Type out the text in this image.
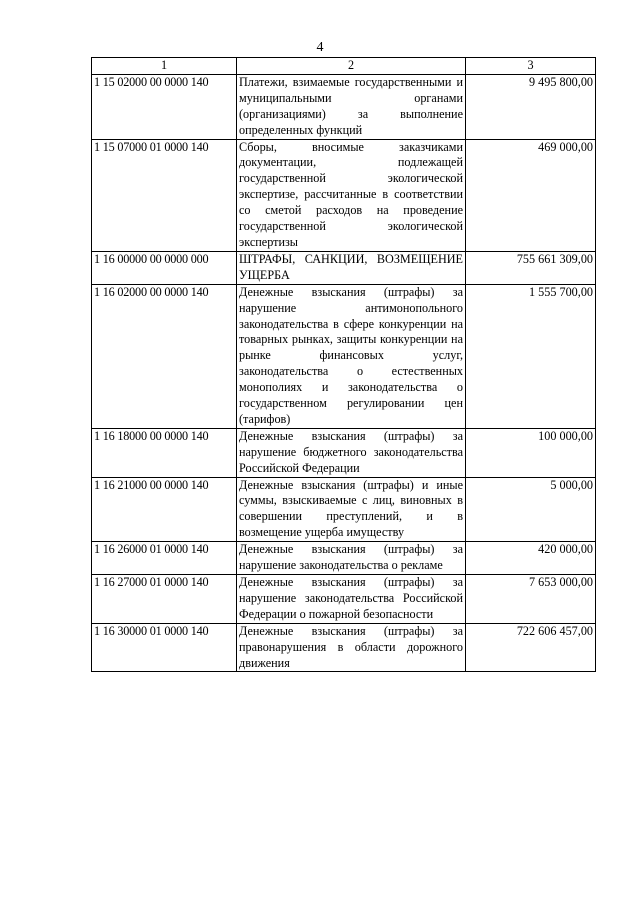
4
1	2	3
1 15 02000 00 0000 140	Платежи, взимаемые государственными и муниципальными органами (организациями) за выполнение определенных функций	9 495 800,00
1 15 07000 01 0000 140	Сборы, вносимые заказчиками документации, подлежащей государственной экологической экспертизе, рассчитанные в соответствии со сметой расходов на проведение государственной экологической экспертизы	469 000,00
1 16 00000 00 0000 000	ШТРАФЫ, САНКЦИИ, ВОЗМЕЩЕНИЕ УЩЕРБА	755 661 309,00
1 16 02000 00 0000 140	Денежные взыскания (штрафы) за нарушение антимонопольного законодательства в сфере конкуренции на товарных рынках, защиты конкуренции на рынке финансовых услуг, законодательства о естественных монополиях и законодательства о государственном регулировании цен (тарифов)	1 555 700,00
1 16 18000 00 0000 140	Денежные взыскания (штрафы) за нарушение бюджетного законодательства Российской Федерации	100 000,00
1 16 21000 00 0000 140	Денежные взыскания (штрафы) и иные суммы, взыскиваемые с лиц, виновных в совершении преступлений, и в возмещение ущерба имуществу	5 000,00
1 16 26000 01 0000 140	Денежные взыскания (штрафы) за нарушение законодательства о рекламе	420 000,00
1 16 27000 01 0000 140	Денежные взыскания (штрафы) за нарушение законодательства Российской Федерации о пожарной безопасности	7 653 000,00
1 16 30000 01 0000 140	Денежные взыскания (штрафы) за правонарушения в области дорожного движения	722 606 457,00
